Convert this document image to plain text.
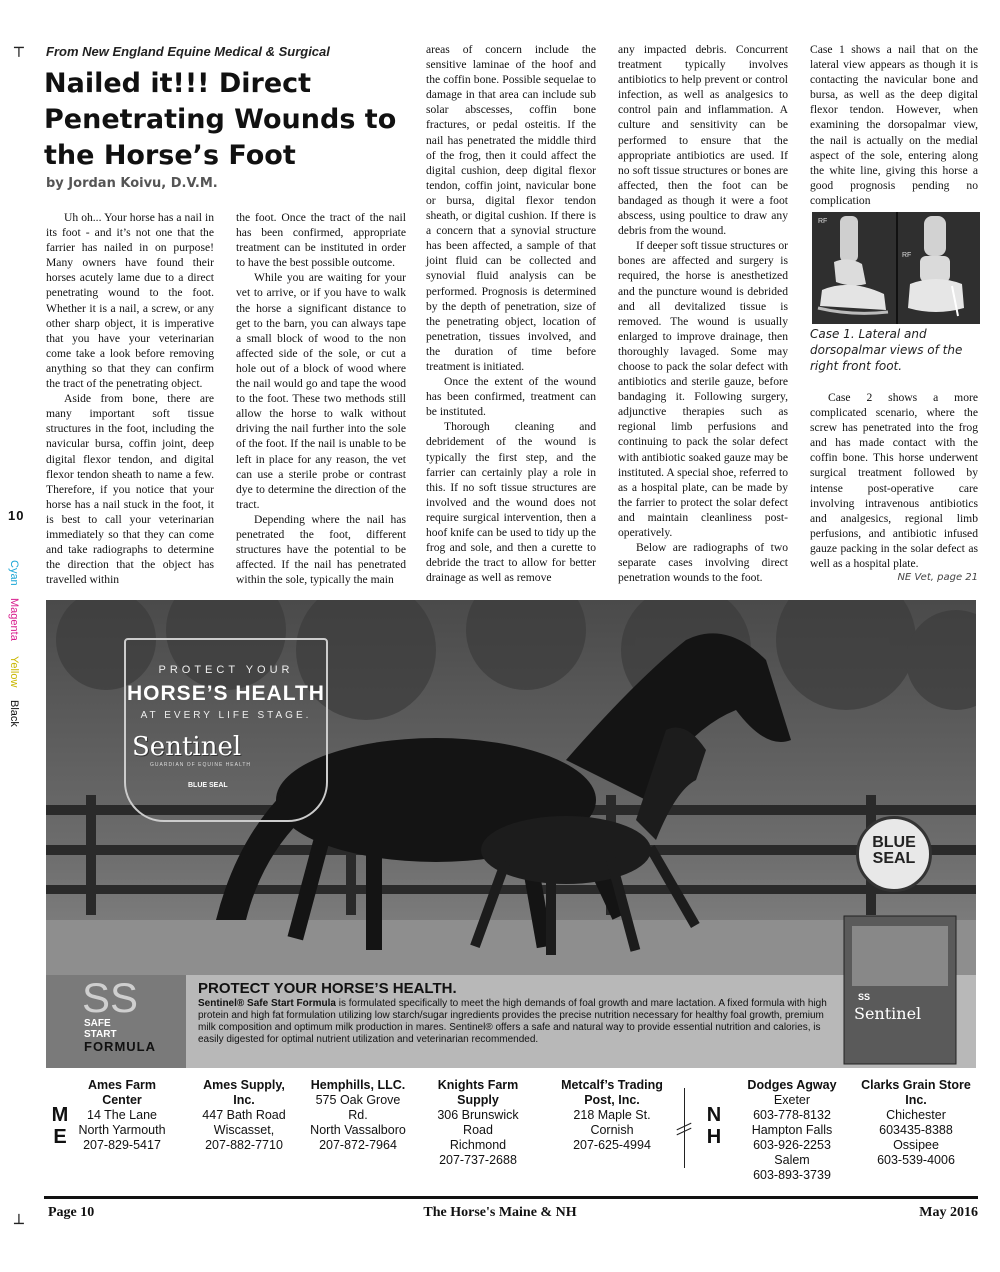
┬
┴
10
Cyan
Magenta
Yellow
Black
From New England Equine Medical & Surgical
Nailed it!!! Direct Penetrating Wounds to the Horse’s Foot
by Jordan Koivu, D.V.M.

Uh oh... Your horse has a nail in its foot - and it’s not one that the farrier has nailed in on purpose! Many owners have found their horses acutely lame due to a direct penetrating wound to the foot. Whether it is a nail, a screw, or any other sharp object, it is imperative that you have your veterinarian come take a look before removing anything so that they can confirm the tract of the penetrating object.

Aside from bone, there are many important soft tissue structures in the foot, including the navicular bursa, coffin joint, deep digital flexor tendon, and digital flexor tendon sheath to name a few. Therefore, if you notice that your horse has a nail stuck in the foot, it is best to call your veterinarian immediately so that they can come and take radiographs to determine the direction that the object has travelled within

the foot. Once the tract of the nail has been confirmed, appropriate treatment can be instituted in order to have the best possible outcome.

While you are waiting for your vet to arrive, or if you have to walk the horse a significant distance to get to the barn, you can always tape a small block of wood to the non affected side of the sole, or cut a hole out of a block of wood where the nail would go and tape the wood to the foot. These two methods still allow the horse to walk without driving the nail further into the sole of the foot. If the nail is unable to be left in place for any reason, the vet can use a sterile probe or contrast dye to determine the direction of the tract.

Depending where the nail has penetrated the foot, different structures have the potential to be affected. If the nail has penetrated within the sole, typically the main

areas of concern include the sensitive laminae of the hoof and the coffin bone. Possible sequelae to damage in that area can include sub solar abscesses, coffin bone fractures, or pedal osteitis. If the nail has penetrated the middle third of the frog, then it could affect the digital cushion, deep digital flexor tendon, coffin joint, navicular bone or bursa, digital flexor tendon sheath, or digital cushion. If there is a concern that a synovial structure has been affected, a sample of that joint fluid can be collected and synovial fluid analysis can be performed. Prognosis is determined by the depth of penetration, size of the penetrating object, location of penetration, tissues involved, and the duration of time before treatment is initiated.

Once the extent of the wound has been confirmed, treatment can be instituted.

Thorough cleaning and debridement of the wound is typically the first step, and the farrier can certainly play a role in this. If no soft tissue structures are involved and the wound does not require surgical intervention, then a hoof knife can be used to tidy up the frog and sole, and then a curette to debride the tract to allow for better drainage as well as remove

any impacted debris. Concurrent treatment typically involves antibiotics to help prevent or control infection, as well as analgesics to control pain and inflammation. A culture and sensitivity can be performed to ensure that the appropriate antibiotics are used. If no soft tissue structures or bones are affected, then the foot can be bandaged as though it were a foot abscess, using poultice to draw any debris from the wound.

If deeper soft tissue structures or bones are affected and surgery is required, the horse is anesthetized and the puncture wound is debrided and all devitalized tissue is removed. The wound is usually enlarged to improve drainage, then thoroughly lavaged. Some may choose to pack the solar defect with antibiotics and sterile gauze, before bandaging it. Following surgery, adjunctive therapies such as regional limb perfusions and continuing to pack the solar defect with antibiotic soaked gauze may be instituted. A special shoe, referred to as a hospital plate, can be made by the farrier to protect the solar defect and maintain cleanliness post-operatively.

Below are radiographs of two separate cases involving direct penetration wounds to the foot.

Case 1 shows a nail that on the lateral view appears as though it is contacting the navicular bone and bursa, as well as the deep digital flexor tendon. However, when examining the dorsopalmar view, the nail is actually on the medial aspect of the sole, entering along the white line, giving this horse a good prognosis pending no complication

RF
RF
Case 1. Lateral and dorsopalmar views of the right front foot.

Case 2 shows a more complicated scenario, where the screw has penetrated into the frog and has made contact with the coffin bone. This horse underwent surgical treatment followed by intense post-operative care involving intravenous antibiotics and analgesics, regional limb perfusions, and antibiotic infused gauze packing in the solar defect as well as a hospital plate.

NE Vet, page 21
PROTECT YOUR
HORSE’S HEALTH
AT EVERY LIFE STAGE.
Sentinel
GUARDIAN OF EQUINE HEALTH
BLUE SEAL
BLUE
SEAL
SS
Sentinel
SS
SAFE
START
FORMULA
PROTECT YOUR HORSE’S HEALTH.
Sentinel® Safe Start Formula is formulated specifically to meet the high demands of foal growth and mare lactation. A fixed formula with high protein and high fat formulation utilizing low starch/sugar ingredients provides the precise nutrition necessary for healthy foal growth, premium milk composition and optimum milk production in mares. Sentinel® offers a safe and natural way to provide essential nutrition and calories, is easily digested for optimal nutrient utilization and veterinarian recommended.
M
E
N
H
Ames Farm
Center
14 The Lane
North Yarmouth
207-829-5417
Ames Supply,
Inc.
447 Bath Road
Wiscasset,
207-882-7710
Hemphills, LLC.
575 Oak Grove
Rd.
North Vassalboro
207-872-7964
Knights Farm
Supply
306 Brunswick
Road
Richmond
207-737-2688
Metcalf’s Trading
Post, Inc.
218 Maple St.
Cornish
207-625-4994
Dodges Agway
Exeter
603-778-8132
Hampton Falls
603-926-2253
Salem
603-893-3739
Clarks Grain Store
Inc.
Chichester
603435-8388
Ossipee
603-539-4006
Page 10	The Horse's Maine & NH	May 2016
